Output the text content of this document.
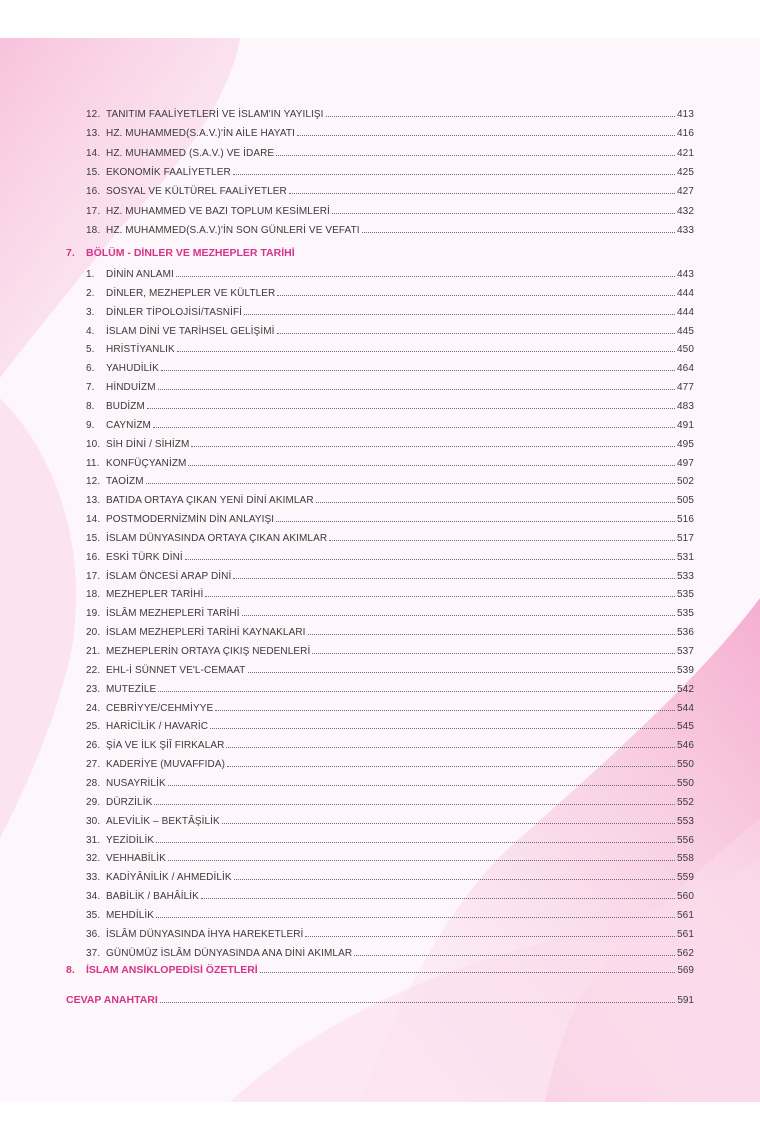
12. TANITIM FAALİYETLERİ VE İSLAM'IN YAYILIŞI	413
13. HZ. MUHAMMED(S.A.V.)'İN AİLE HAYATI	416
14. HZ. MUHAMMED (S.A.V.) VE İDARE	421
15. EKONOMİK FAALİYETLER	425
16. SOSYAL VE KÜLTÜREL FAALİYETLER	427
17. HZ. MUHAMMED VE BAZI TOPLUM KESİMLERİ	432
18. HZ. MUHAMMED(S.A.V.)'İN SON GÜNLERİ VE VEFATI	433
7.	BÖLÜM - DİNLER VE MEZHEPLER TARİHİ
1.	DİNİN ANLAMI	443
2.	DİNLER, MEZHEPLER VE KÜLTLER	444
3.	DİNLER TİPOLOJİSİ/TASNİFİ	444
4.	İSLAM DİNİ VE TARİHSEL GELİŞİMİ	445
5.	HRİSTİYANLIK	450
6.	YAHUDİLİK	464
7.	HİNDUİZM	477
8.	BUDİZM	483
9.	CAYNİZM	491
10. SİH DİNİ / SİHİZM	495
11. KONFÜÇYANİZM	497
12. TAOİZM	502
13. BATIDA ORTAYA ÇIKAN YENİ DİNİ AKIMLAR	505
14. POSTMODERNİZMİN DİN ANLAYIŞI	516
15. İSLAM DÜNYASINDA ORTAYA ÇIKAN AKIMLAR	517
16. ESKİ TÜRK DİNİ	531
17. İSLAM ÖNCESİ ARAP DİNİ	533
18. MEZHEPLER TARİHİ	535
19. İSLÂM MEZHEPLERİ TARİHİ	535
20. İSLAM MEZHEPLERİ TARİHİ KAYNAKLARI	536
21. MEZHEPLERİN ORTAYA ÇIKIŞ NEDENLERİ	537
22. EHL-İ SÜNNET VE'L-CEMAAT	539
23. MUTEZİLE	542
24. CEBRİYYE/CEHMİYYE	544
25. HARİCİLİK / HAVARİC	545
26. ŞİA VE İLK ŞİÎ FIRKALAR	546
27. KADERİYE (MUVAFFIDA)	550
28. NUSAYRİLİK	550
29. DÜRZİLİK	552
30. ALEVİLİK – BEKTÂŞİLİK	553
31. YEZİDİLİK	556
32. VEHHABİLİK	558
33. KADİYÂNİLİK / AHMEDİLİK	559
34. BABİLİK / BAHÂİLİK	560
35. MEHDİLİK	561
36. İSLÂM DÜNYASINDA İHYA HAREKETLERİ	561
37. GÜNÜMÜZ İSLÂM DÜNYASINDA ANA DİNİ AKIMLAR	562
8.	İSLAM ANSİKLOPEDİSİ ÖZETLERİ	569
CEVAP ANAHTARI	591
